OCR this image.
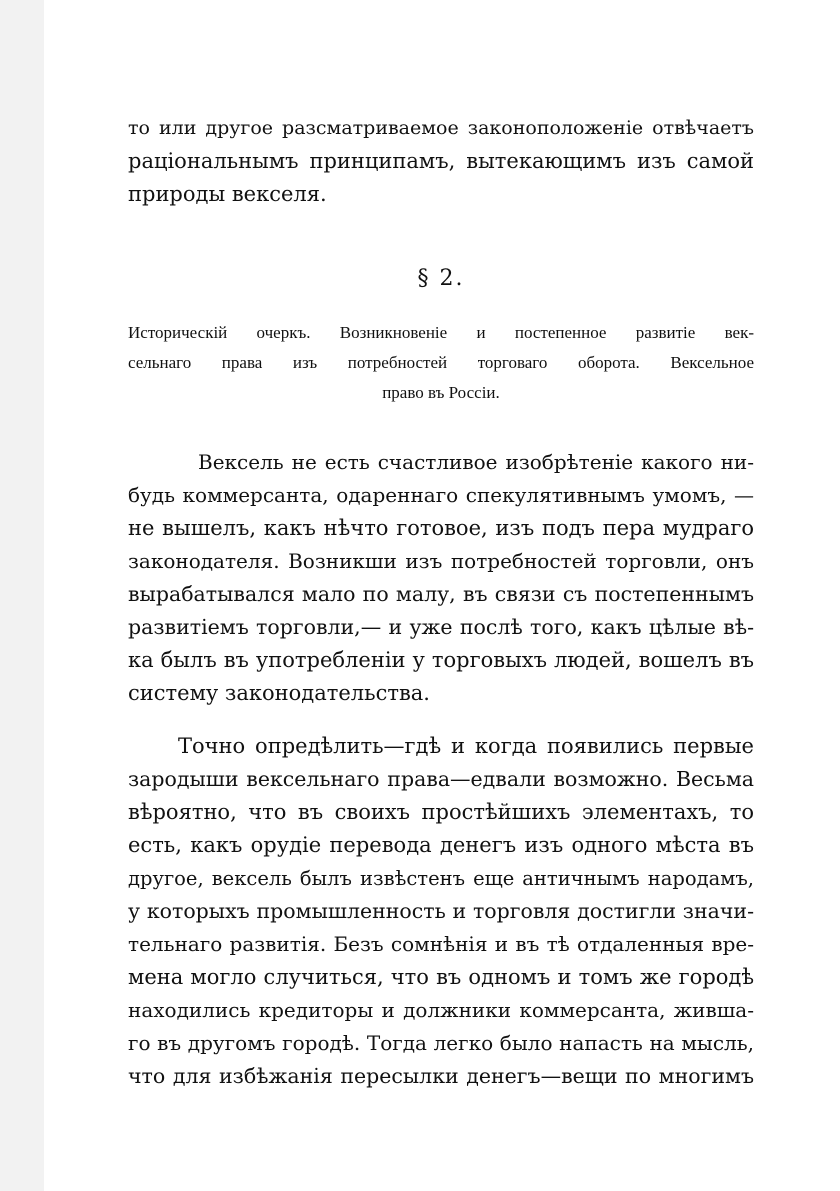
то или другое разсматриваемое законоположеніе отвѣчаетъ
раціональнымъ принципамъ, вытекающимъ изъ самой
природы векселя.
§ 2.
Историческій очеркъ. Возникновеніе и постепенное развитіе век-
сельнаго права изъ потребностей торговаго оборота. Вексельное
право въ Россіи.
Вексель не есть счастливое изобрѣтеніе какого ни-
будь коммерсанта, одареннаго спекулятивнымъ умомъ, —
не вышелъ, какъ нѣчто готовое, изъ подъ пера мудраго
законодателя. Возникши изъ потребностей торговли, онъ
вырабатывался мало по малу, въ связи съ постепеннымъ
развитіемъ торговли,— и уже послѣ того, какъ цѣлые вѣ-
ка былъ въ употребленіи у торговыхъ людей, вошелъ въ
систему законодательства.
Точно опредѣлить—гдѣ и когда появились первые
зародыши вексельнаго права—едвали возможно. Весьма
вѣроятно, что въ своихъ простѣйшихъ элементахъ, то
есть, какъ орудіе перевода денегъ изъ одного мѣста въ
другое, вексель былъ извѣстенъ еще античнымъ народамъ,
у которыхъ промышленность и торговля достигли значи-
тельнаго развитія. Безъ сомнѣнія и въ тѣ отдаленныя вре-
мена могло случиться, что въ одномъ и томъ же городѣ
находились кредиторы и должники коммерсанта, живша-
го въ другомъ городѣ. Тогда легко было напасть на мысль,
что для избѣжанія пересылки денегъ—вещи по многимъ
